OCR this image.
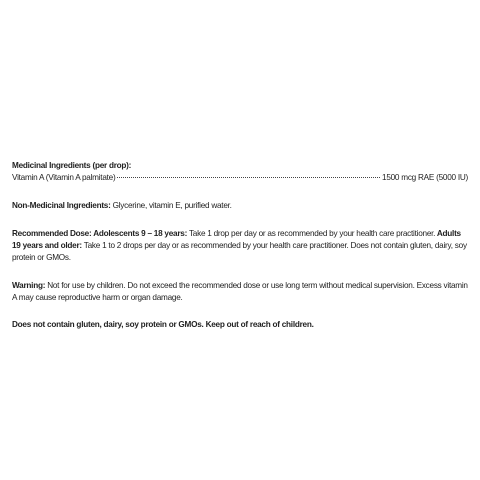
Medicinal Ingredients (per drop):
Vitamin A (Vitamin A palmitate)	1500 mcg RAE (5000 IU)

Non-Medicinal Ingredients: Glycerine, vitamin E, purified water.

Recommended Dose: Adolescents 9 – 18 years: Take 1 drop per day or as recommended by your health care practitioner. Adults 19 years and older: Take 1 to 2 drops per day or as recommended by your health care practitioner. Does not contain gluten, dairy, soy protein or GMOs.

Warning: Not for use by children. Do not exceed the recommended dose or use long term without medical supervision. Excess vitamin A may cause reproductive harm or organ damage.

Does not contain gluten, dairy, soy protein or GMOs. Keep out of reach of children.
